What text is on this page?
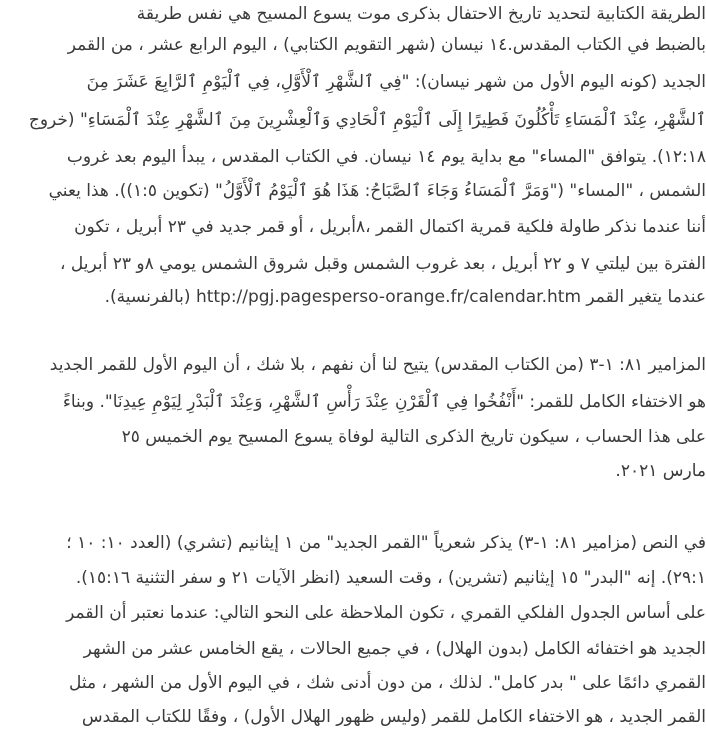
الطريقة الكتابية لتحديد تاريخ الاحتفال بذكرى موت يسوع المسيح هي نفس طريقة
بالضبط في الكتاب المقدس.١٤ نيسان (شهر التقويم الكتابي) ، اليوم الرابع عشر ، من القمر
الجديد (كونه اليوم الأول من شهر نيسان): "فِي ٱلشَّهْرِ ٱلْأَوَّلِ، فِي ٱلْيَوْمِ ٱلرَّابِعَ عَشَرَ مِنَ
ٱلشَّهْرِ، عِنْدَ ٱلْمَسَاءِ تَأْكُلُونَ فَطِيرًا إِلَى ٱلْيَوْمِ ٱلْحَادِي وَٱلْعِشْرِينَ مِنَ ٱلشَّهْرِ عِنْدَ ٱلْمَسَاءِ" (خروج
١٢:١٨). يتوافق "المساء" مع بداية يوم ١٤ نيسان. في الكتاب المقدس ، يبدأ اليوم بعد غروب
الشمس ، "المساء" ("وَمَرَّ ٱلْمَسَاءُ وَجَاءَ ٱلصَّبَاحُ: هَذَا هُوَ ٱلْيَوْمُ ٱلْأَوَّلُ" (تكوين ١:٥)). هذا يعني
أننا عندما نذكر طاولة فلكية قمرية اكتمال القمر ،٨أبريل ، أو قمر جديد في ٢٣ أبريل ، تكون
الفترة بين ليلتي ٧ و ٢٢ أبريل ، بعد غروب الشمس وقبل شروق الشمس يومي ٨و ٢٣ أبريل ،
عندما يتغير القمر http://pgj.pagesperso-orange.fr/calendar.htm (بالفرنسية).
المزامير ٨١: ١-٣ (من الكتاب المقدس) يتيح لنا أن نفهم ، بلا شك ، أن اليوم الأول للقمر الجديد
هو الاختفاء الكامل للقمر: "أَنْفُخُوا فِي ٱلْقَرْنِ عِنْدَ رَأْسِ ٱلشَّهْرِ، وَعِنْدَ ٱلْبَدْرِ لِيَوْمِ عِيدِنَا". وبناءً
على هذا الحساب ، سيكون تاريخ الذكرى التالية لوفاة يسوع المسيح يوم الخميس ٢٥
مارس ٢٠٢١.
في النص (مزامير ٨١: ١-٣) يذكر شعرياً "القمر الجديد" من ١ إيثانيم (تشري) (العدد ١٠: ١٠ ؛
٢٩:١). إنه "البدر" ١٥ إيثانيم (تشرين) ، وقت السعيد (انظر الآيات ٢١ و سفر التثنية ١٥:١٦).
على أساس الجدول الفلكي القمري ، تكون الملاحظة على النحو التالي: عندما نعتبر أن القمر
الجديد هو اختفائه الكامل (بدون الهلال) ، في جميع الحالات ، يقع الخامس عشر من الشهر
القمري دائمًا على " بدر كامل". لذلك ، من دون أدنى شك ، في اليوم الأول من الشهر ، مثل
القمر الجديد ، هو الاختفاء الكامل للقمر (وليس ظهور الهلال الأول) ، وفقًا للكتاب المقدس
